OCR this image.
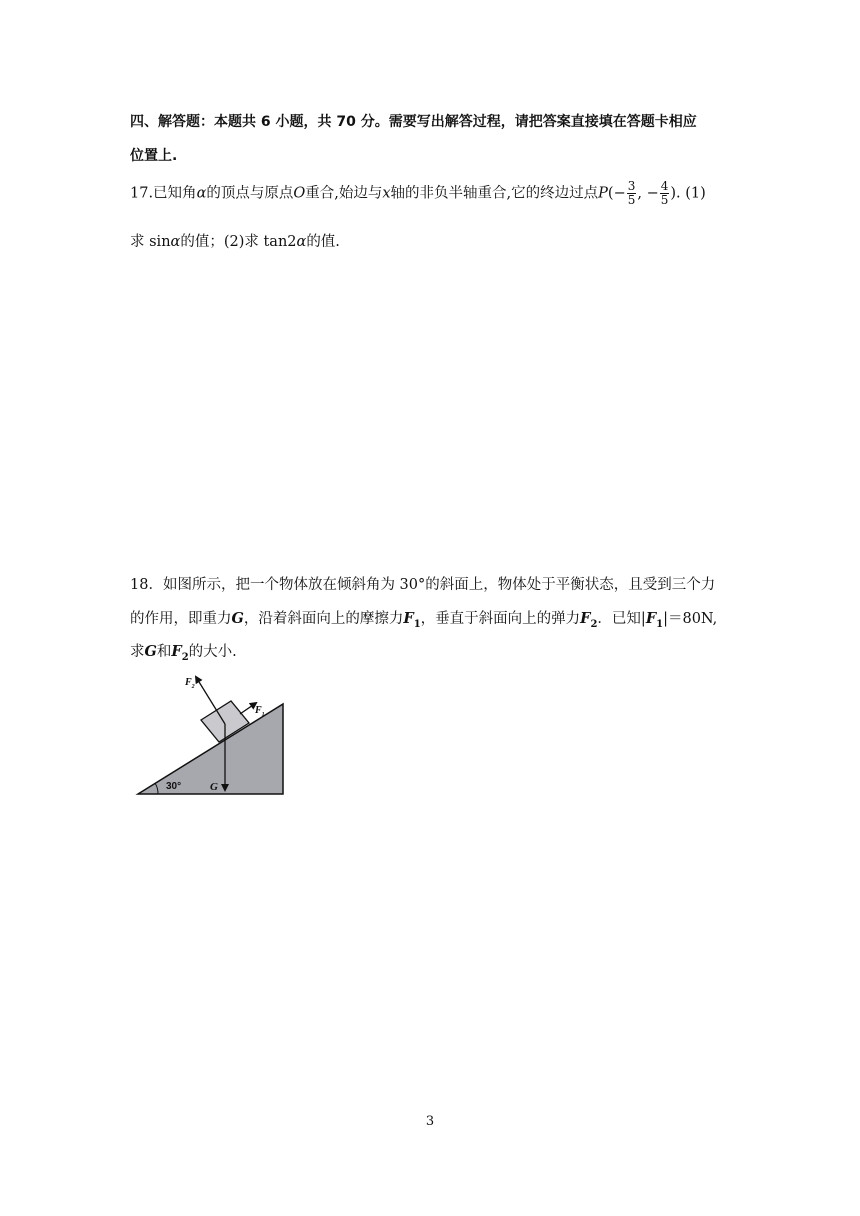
四、解答题：本题共 6 小题，共 70 分。需要写出解答过程，请把答案直接填在答题卡相应
位置上.
17.已知角α的顶点与原点O重合,始边与x轴的非负半轴重合,它的终边过点$P(- \frac{3}{5}$ , − $\frac{4}{5}$ ). (1)
求 sinα的值；(2)求 tan2α的值.
18．如图所示，把一个物体放在倾斜角为 30°的斜面上，物体处于平衡状态，且受到三个力
的作用，即重力G，沿着斜面向上的摩擦力$F_1$，垂直于斜面向上的弹力$F_2$．已知$|F_1|=80N$,
求G和$F_2$的大小.
$F_2$
$F_1$
30°	G
3
